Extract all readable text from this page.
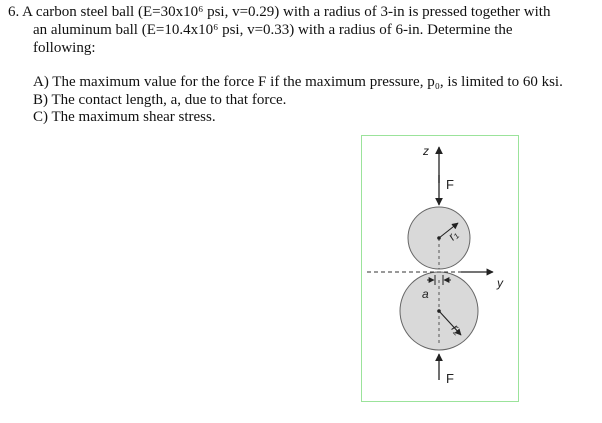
6. A carbon steel ball (E=30x10⁶ psi, v=0.29) with a radius of 3-in is pressed together with
an aluminum ball (E=10.4x10⁶ psi, v=0.33) with a radius of 6-in. Determine the
following:
A) The maximum value for the force F if the maximum pressure, p₀, is limited to 60 ksi.
B) The contact length, a, due to that force.
C) The maximum shear stress.
z
F
r₁
r₂
y
a
F
